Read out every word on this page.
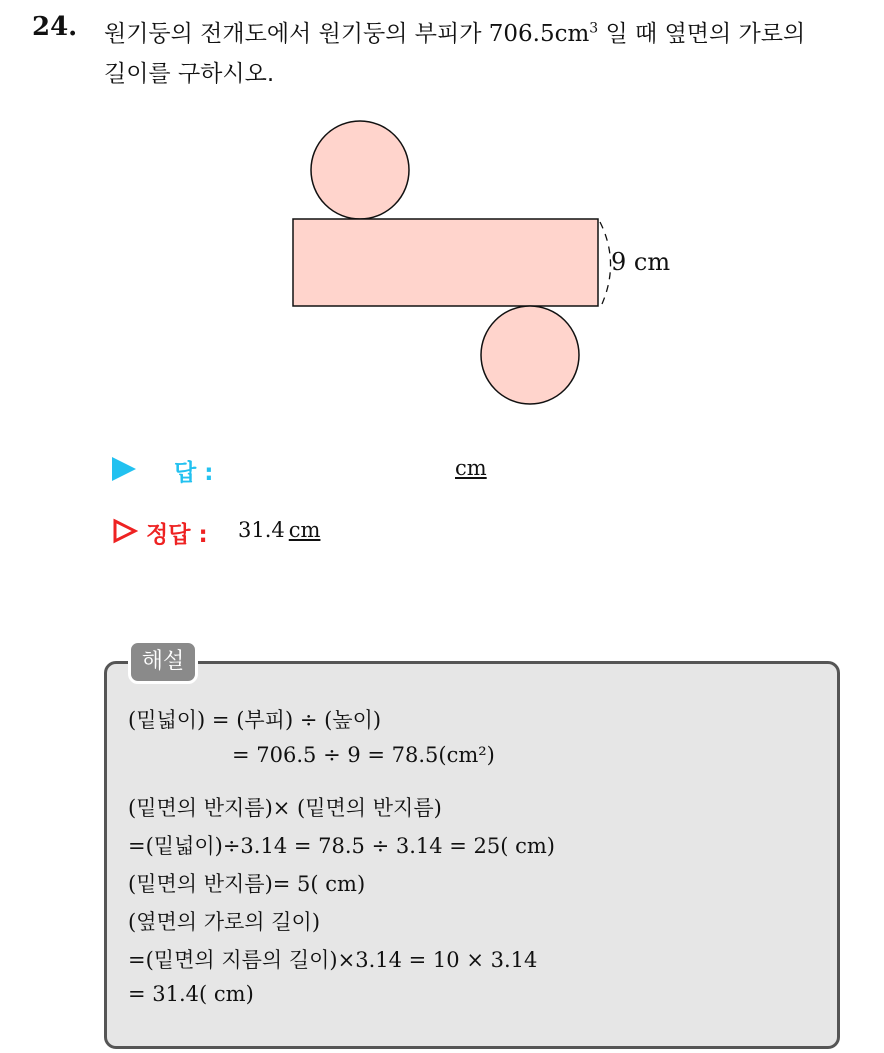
24. 원기둥의 전개도에서 원기둥의 부피가 $706.5cm^3$ 일 때 옆면의 가로의
길이를 구하시오.
9 cm
답 :	cm
정답 : 31.4 cm
해설
(밑넓이) = (부피) ÷ (높이)
= 706.5 ÷ 9 = 78.5(cm²)
(밑면의 반지름)× (밑면의 반지름)
=(밑넓이)÷3.14 = 78.5 ÷ 3.14 = 25( cm)
(밑면의 반지름)= 5( cm)
(옆면의 가로의 길이)
=(밑면의 지름의 길이)×3.14 = 10 × 3.14
= 31.4( cm)
